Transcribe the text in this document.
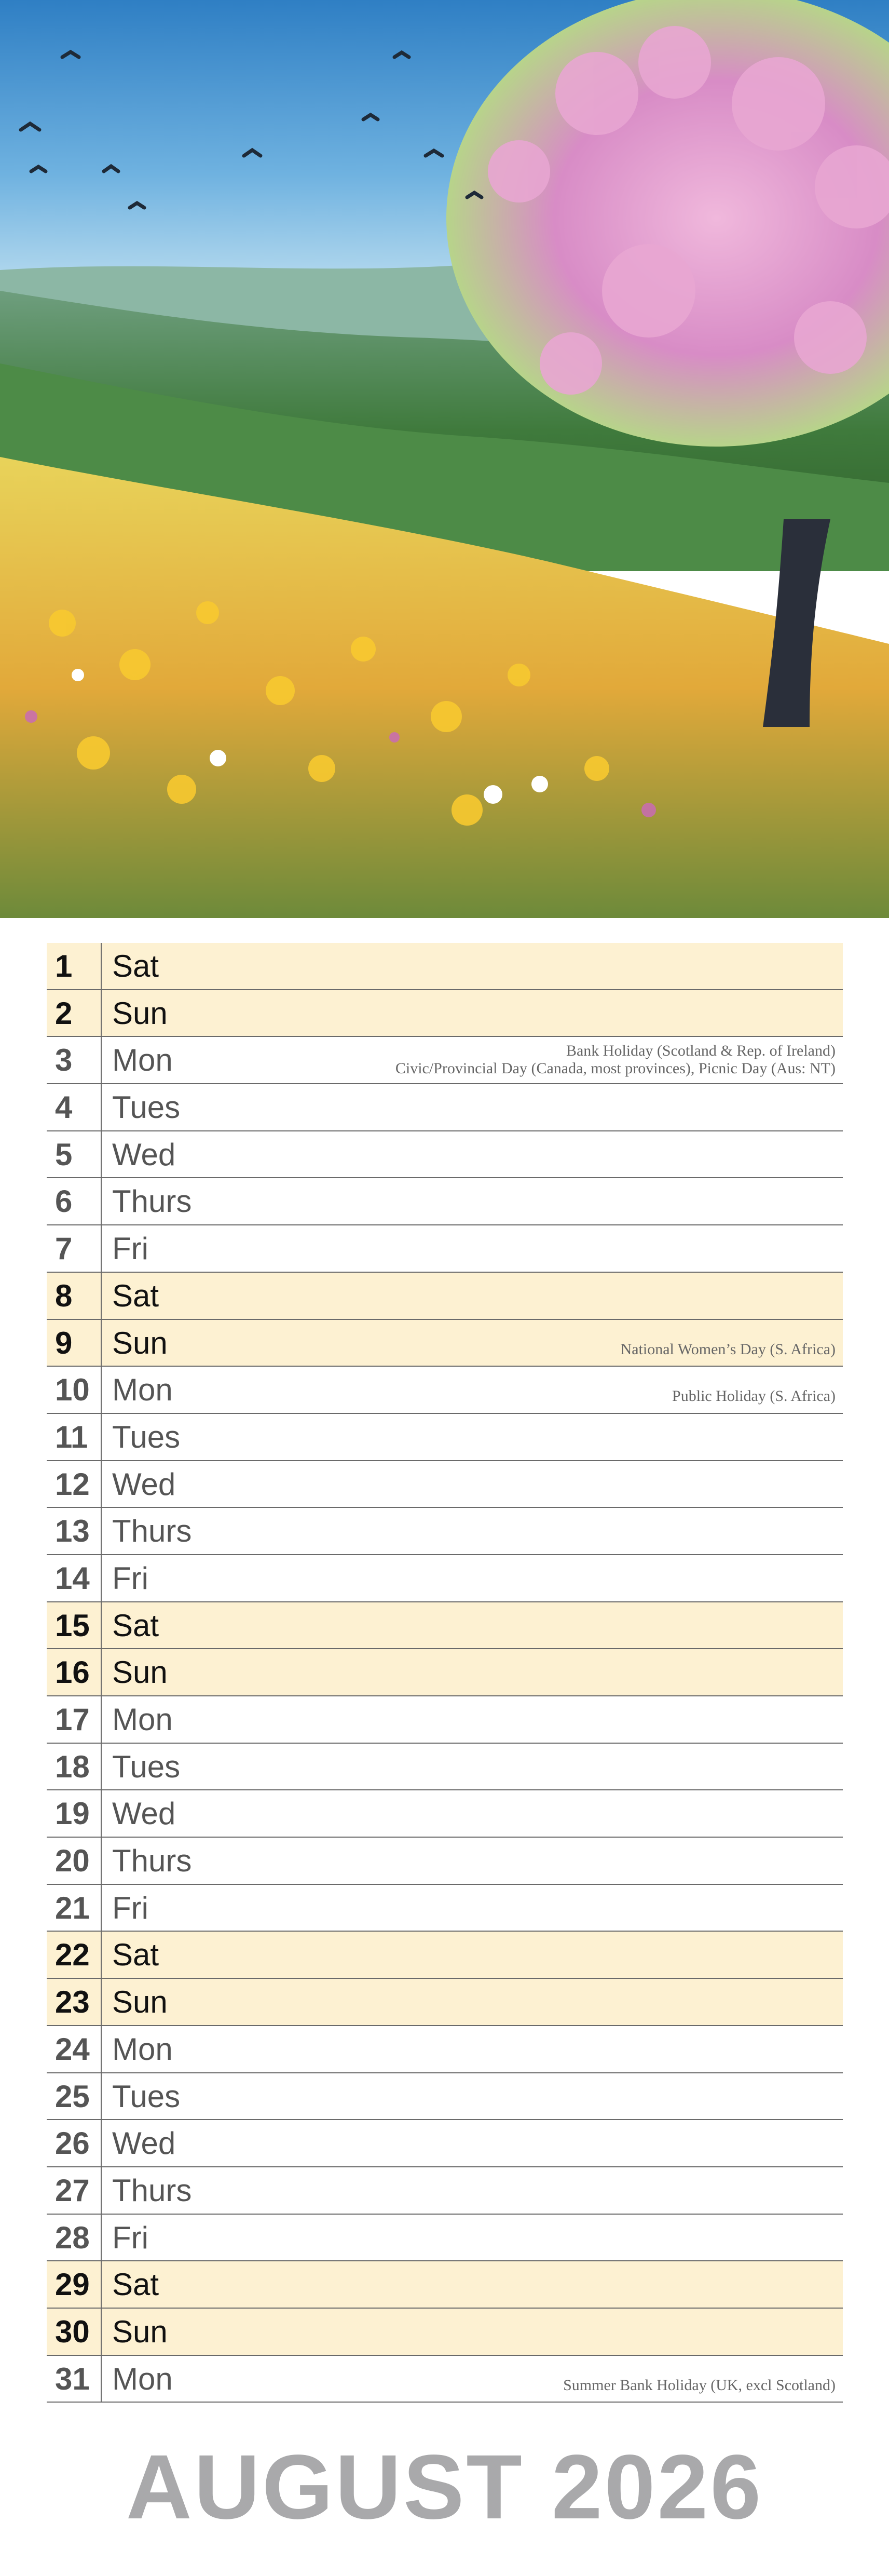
1	Sat
2	Sun
3	Mon	Bank Holiday (Scotland & Rep. of Ireland)
Civic/Provincial Day (Canada, most provinces), Picnic Day (Aus: NT)
4	Tues
5	Wed
6	Thurs
7	Fri
8	Sat
9	Sun	National Women’s Day (S. Africa)
10 Mon	Public Holiday (S. Africa)
11 Tues
12 Wed
13 Thurs
14 Fri
15 Sat
16 Sun
17 Mon
18 Tues
19 Wed
20 Thurs
21 Fri
22 Sat
23 Sun
24 Mon
25 Tues
26 Wed
27 Thurs
28 Fri
29 Sat
30 Sun
31 Mon	Summer Bank Holiday (UK, excl Scotland)
AUGUST 2026
